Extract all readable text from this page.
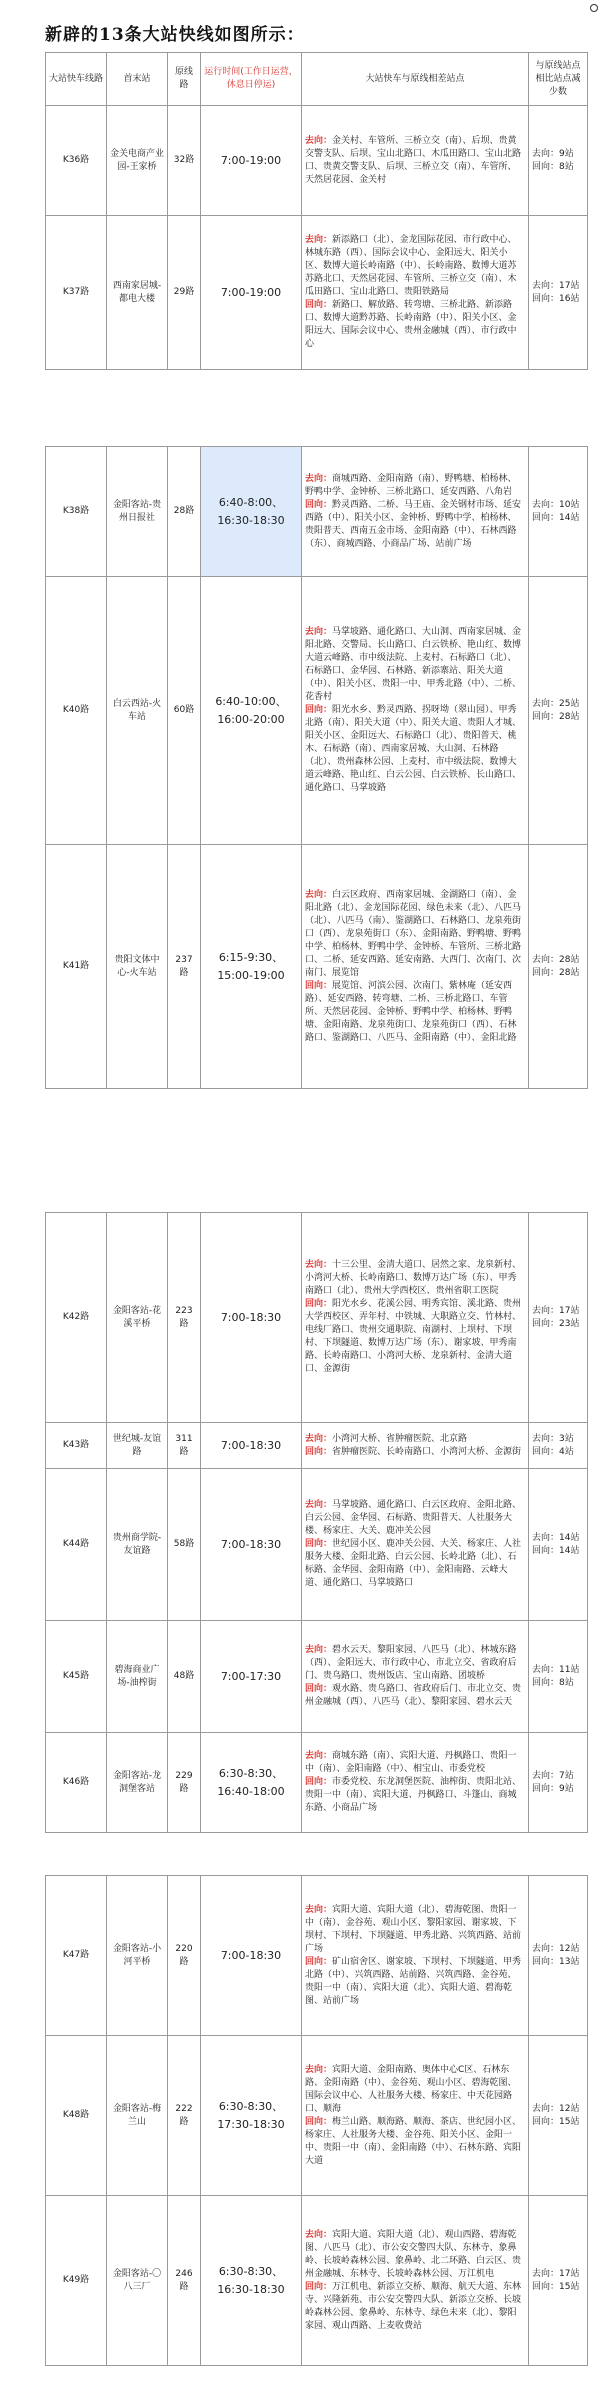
新辟的13条大站快线如图所示：
大站快车线路	首末站	原线路	运行时间(工作日运营，休息日停运)	大站快车与原线相差站点	与原线站点相比站点减少数
K36路	金关电商产业园-王家桥	32路	7:00-19:00	去向：金关村、车管所、三桥立交（南）、后坝、贵黄交警支队、后坝、宝山北路口、木瓜田路口、宝山北路口、贵黄交警支队、后坝、三桥立交（南）、车管所、天然居花园、金关村	去向：9站 回向：8站
K37路	西南家居城-都电大楼	29路	7:00-19:00	去向：新添路口（北）、金龙国际花园、市行政中心、林城东路（西）、国际会议中心、金阳远大、阳关小区、数博大道长岭南路（中）、长岭南路、数博大道苏苏路北口、天然居花园、车管所、三桥立交（南）、木瓜田路口、宝山北路口、贵阳铁路局
回向：新路口、解放路、转弯塘、三桥北路、新添路口、数博大道黔苏路、长岭南路（中）、阳关小区、金阳远大、国际会议中心、贵州金融城（西）、市行政中心	去向：17站 回向：16站
K38路	金阳客站-贵州日报社	28路	6:40-8:00、16:30-18:30	去向：商城西路、金阳南路（南）、野鸭塘、柏杨林、野鸭中学、金钟桥、三桥北路口、延安西路、八角岩
回向：黔灵西路、二桥、马王庙、金关钢材市场、延安西路（中）、阳关小区、金钟桥、野鸭中学、柏杨林、贵阳普天、西南五金市场、金阳南路（中）、石林西路（东）、商城西路、小商品广场、站前广场	去向：10站 回向：14站
K40路	白云西站-火车站	60路	6:40-10:00、16:00-20:00	去向：马掌坡路、通化路口、大山洞、西南家居城、金阳北路、交警局、长山路口、白云铁桥、艳山红、数博大道云峰路、市中级法院、上麦村、石标路口（北）、石标路口、金华园、石林路、新添寨站、阳关大道（中）、阳关小区、贵阳一中、甲秀北路（中）、二桥、花香村
回向：阳光水乡、黔灵西路、拐呀坳（翠山园）、甲秀北路（南）、阳关大道（中）、阳关大道、贵阳人才城、阳关小区、金阳远大、石标路口（北）、贵阳普天、桃木、石标路（南）、西南家居城、大山洞、石林路（北）、贵州森林公园、上麦村、市中级法院、数博大道云峰路、艳山红、白云公园、白云铁桥、长山路口、通化路口、马掌坡路	去向：25站 回向：28站
K41路	贵阳文体中心-火车站	237路	6:15-9:30、15:00-19:00	去向：白云区政府、西南家居城、金湖路口（南）、金阳北路（北）、金龙国际花园、绿色未来（北）、八匹马（北）、八匹马（南）、鉴湖路口、石林路口、龙泉苑街口（西）、龙泉苑街口（东）、金阳南路、野鸭塘、野鸭中学、柏杨林、野鸭中学、金钟桥、车管所、三桥北路口、二桥、延安西路、延安南路、大西门、次南门、次南门、展览馆
回向：展览馆、河滨公园、次南门、紫林庵（延安西路）、延安西路、转弯塘、二桥、三桥北路口、车管所、天然居花园、金钟桥、野鸭中学、柏杨林、野鸭塘、金阳南路、龙泉苑街口、龙泉苑街口（西）、石林路口、鉴湖路口、八匹马、金阳南路（中）、金阳北路	去向：28站 回向：28站
K42路	金阳客站-花溪平桥	223路	7:00-18:30	去向：十三公里、金清大道口、居然之家、龙泉新村、小湾河大桥、长岭南路口、数博万达广场（东）、甲秀南路口（北）、贵州大学西校区、贵州省职工医院
回向：阳光水乡、花溪公园、明秀宾馆、溪北路、贵州大学西校区、弄年村、中铁城、大职路立交、竹林村、电线厂路口、贵州交通职院、南湖村、上坝村、下坝村、下坝隧道、数博万达广场（东）、谢家坡、甲秀南路、长岭南路口、小湾河大桥、龙泉新村、金清大道口、金源街	去向：17站 回向：23站
K43路	世纪城-友谊路	311路	7:00-18:30	去向：小湾河大桥、省肿瘤医院、北京路
回向：省肿瘤医院、长岭南路口、小湾河大桥、金源街	去向：3站 回向：4站
K44路	贵州商学院-友谊路	58路	7:00-18:30	去向：马掌坡路、通化路口、白云区政府、金阳北路、白云公园、金华园、石标路、贵阳普天、人社服务大楼、杨家庄、大关、鹿冲关公园
回向：世纪园小区、鹿冲关公园、大关、杨家庄、人社服务大楼、金阳北路、白云公园、长岭北路（北）、石标路、金华园、金阳南路（中）、金阳南路、云峰大道、通化路口、马掌坡路口	去向：14站 回向：14站
K45路	碧海商业广场-油榨街	48路	7:00-17:30	去向：碧水云天、黎阳家园、八匹马（北）、林城东路（西）、金阳远大、市行政中心、市北立交、省政府后门、贵乌路口、贵州饭店、宝山南路、团坡桥
回向：观水路、贵乌路口、省政府后门、市北立交、贵州金融城（西）、八匹马（北）、黎阳家园、碧水云天	去向：11站 回向：8站
K46路	金阳客站-龙洞堡客站	229路	6:30-8:30、16:40-18:00	去向：商城东路（南）、宾阳大道、丹枫路口、贵阳一中（南）、金阳南路（中）、相宝山、市委党校
回向：市委党校、东龙洞堡医院、油榨街、贵阳北站、贵阳一中（南）、宾阳大道、丹枫路口、斗篷山、商城东路、小商品广场	去向：7站 回向：9站
K47路	金阳客站-小河平桥	220路	7:00-18:30	去向：宾阳大道、宾阳大道（北）、碧海乾图、贵阳一中（南）、金谷苑、观山小区、黎阳家园、谢家坡、下坝村、下坝村、下坝隧道、甲秀北路、兴筑西路、站前广场
回向：矿山宿舍区、谢家坡、下坝村、下坝隧道、甲秀北路（中）、兴筑西路、站前路、兴筑西路、金谷苑、贵阳一中（南）、宾阳大道（北）、宾阳大道、碧海乾图、站前广场	去向：12站 回向：13站
K48路	金阳客站-梅兰山	222路	6:30-8:30、17:30-18:30	去向：宾阳大道、金阳南路、奥体中心C区、石林东路、金阳南路（中）、金谷苑、观山小区、碧海乾图、国际会议中心、人社服务大楼、杨家庄、中天花园路口、顺海
回向：梅兰山路、顺海路、顺海、茶店、世纪园小区、杨家庄、人社服务大楼、金谷苑、阳关小区、金阳一中、贵阳一中（南）、金阳南路（中）、石林东路、宾阳大道	去向：12站 回向：15站
K49路	金阳客站-〇八三厂	246路	6:30-8:30、16:30-18:30	去向：宾阳大道、宾阳大道（北）、观山西路、碧海乾图、八匹马（北）、市公安交警四大队、东林寺、象鼻岭、长坡岭森林公园、象鼻岭、北二环路、白云区、贵州金融城、东林寺、长坡岭森林公园、万江机电
回向：万江机电、新添立交桥、顺海、航天大道、东林寺、兴隆新苑、市公安交警四大队、新添立交桥、长坡岭森林公园、象鼻岭、东林寺、绿色未来（北）、黎阳家园、观山西路、上麦收费站	去向：17站 回向：15站
